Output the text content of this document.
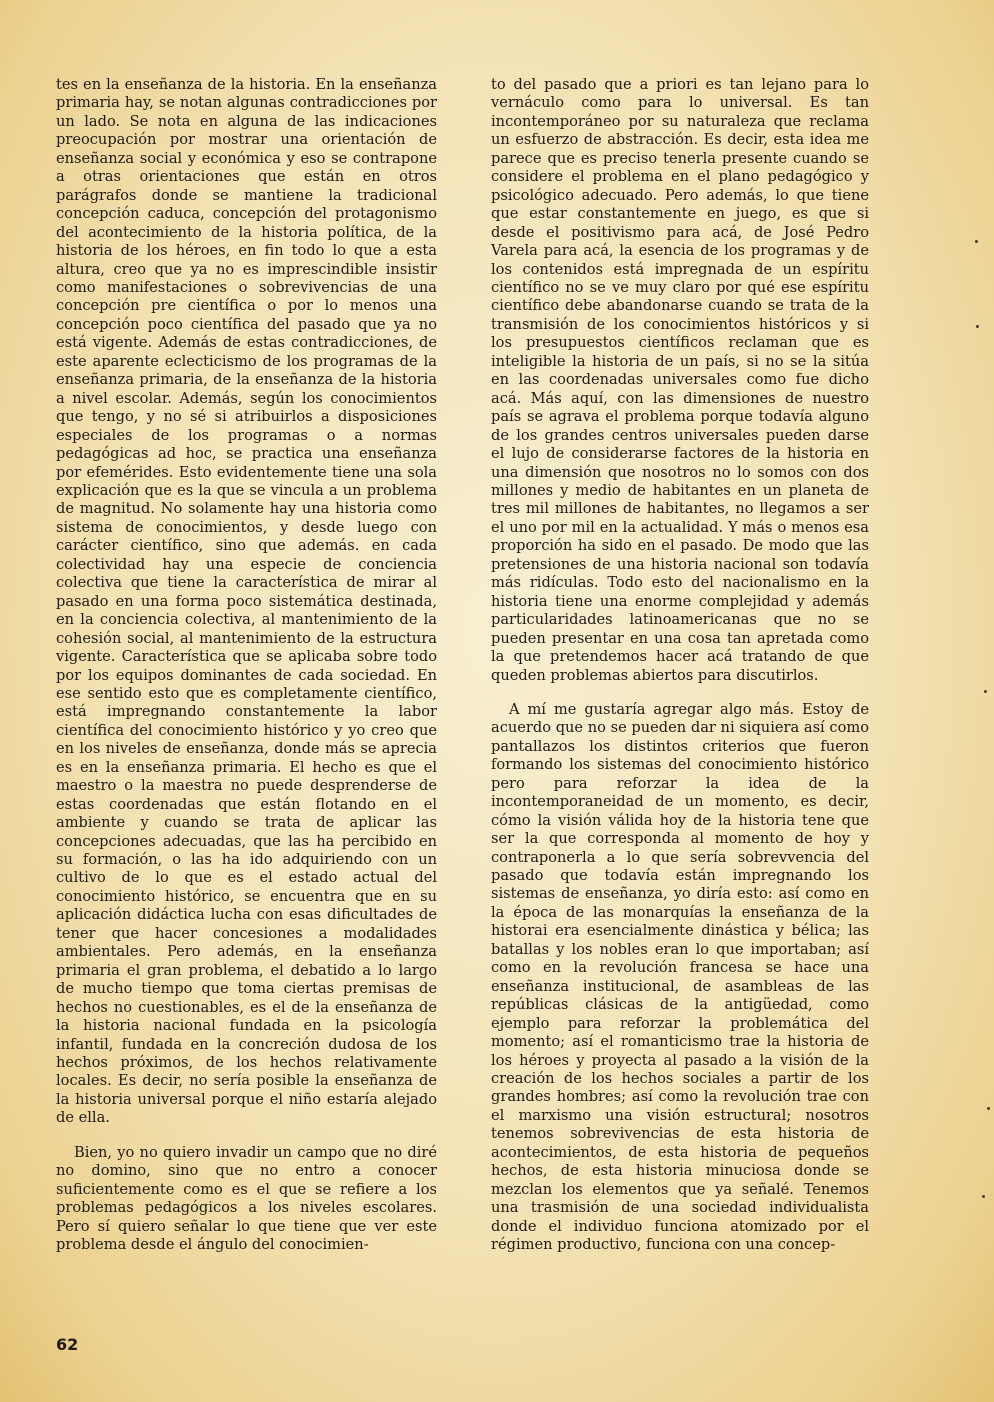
tes en la enseñanza de la historia. En la enseñanza primaria hay, se notan algunas contradicciones por un lado. Se nota en alguna de las indicaciones preocupación por mostrar una orientación de enseñanza social y económica y eso se contrapone a otras orientaciones que están en otros parágrafos donde se mantiene la tradicional concepción caduca, concepción del protagonismo del acontecimiento de la historia política, de la historia de los héroes, en fin todo lo que a esta altura, creo que ya no es imprescindible insistir como manifestaciones o sobrevivencias de una concepción pre científica o por lo menos una concepción poco científica del pasado que ya no está vigente. Además de estas contradicciones, de este aparente eclecticismo de los programas de la enseñanza primaria, de la enseñanza de la historia a nivel escolar. Además, según los conocimientos que tengo, y no sé si atribuirlos a disposiciones especiales de los programas o a normas pedagógicas ad hoc, se practica una enseñanza por efemérides. Esto evidentemente tiene una sola explicación que es la que se vincula a un problema de magnitud. No solamente hay una historia como sistema de conocimientos, y desde luego con carácter científico, sino que además. en cada colectividad hay una especie de conciencia colectiva que tiene la característica de mirar al pasado en una forma poco sistemática destinada, en la conciencia colectiva, al mantenimiento de la cohesión social, al mantenimiento de la estructura vigente. Característica que se aplicaba sobre todo por los equipos dominantes de cada sociedad. En ese sentido esto que es completamente científico, está impregnando constantemente la labor científica del conocimiento histórico y yo creo que en los niveles de enseñanza, donde más se aprecia es en la enseñanza primaria. El hecho es que el maestro o la maestra no puede desprenderse de estas coordenadas que están flotando en el ambiente y cuando se trata de aplicar las concepciones adecuadas, que las ha percibido en su formación, o las ha ido adquiriendo con un cultivo de lo que es el estado actual del conocimiento histórico, se encuentra que en su aplicación didáctica lucha con esas dificultades de tener que hacer concesiones a modalidades ambientales. Pero además, en la enseñanza primaria el gran problema, el debatido a lo largo de mucho tiempo que toma ciertas premisas de hechos no cuestionables, es el de la enseñanza de la historia nacional fundada en la psicología infantil, fundada en la concreción dudosa de los hechos próximos, de los hechos relativamente locales. Es decir, no sería posible la enseñanza de la historia universal porque el niño estaría alejado de ella.

Bien, yo no quiero invadir un campo que no diré no domino, sino que no entro a conocer suficientemente como es el que se refiere a los problemas pedagógicos a los niveles escolares. Pero sí quiero señalar lo que tiene que ver este problema desde el ángulo del conocimien-

to del pasado que a priori es tan lejano para lo vernáculo como para lo universal. Es tan incontemporáneo por su naturaleza que reclama un esfuerzo de abstracción. Es decir, esta idea me parece que es preciso tenerla presente cuando se considere el problema en el plano pedagógico y psicológico adecuado. Pero además, lo que tiene que estar constantemente en juego, es que si desde el positivismo para acá, de José Pedro Varela para acá, la esencia de los programas y de los contenidos está impregnada de un espíritu científico no se ve muy claro por qué ese espíritu científico debe abandonarse cuando se trata de la transmisión de los conocimientos históricos y si los presupuestos científicos reclaman que es inteligible la historia de un país, si no se la sitúa en las coordenadas universales como fue dicho acá. Más aquí, con las dimensiones de nuestro país se agrava el problema porque todavía alguno de los grandes centros universales pueden darse el lujo de considerarse factores de la historia en una dimensión que nosotros no lo somos con dos millones y medio de habitantes en un planeta de tres mil millones de habitantes, no llegamos a ser el uno por mil en la actualidad. Y más o menos esa proporción ha sido en el pasado. De modo que las pretensiones de una historia nacional son todavía más ridículas. Todo esto del nacionalismo en la historia tiene una enorme complejidad y además particularidades latinoamericanas que no se pueden presentar en una cosa tan apretada como la que pretendemos hacer acá tratando de que queden problemas abiertos para discutirlos.

A mí me gustaría agregar algo más. Estoy de acuerdo que no se pueden dar ni siquiera así como pantallazos los distintos criterios que fueron formando los sistemas del conocimiento histórico pero para reforzar la idea de la incontemporaneidad de un momento, es decir, cómo la visión válida hoy de la historia tene que ser la que corresponda al momento de hoy y contraponerla a lo que sería sobrevvencia del pasado que todavía están impregnando los sistemas de enseñanza, yo diría esto: así como en la época de las monarquías la enseñanza de la historai era esencialmente dinástica y bélica; las batallas y los nobles eran lo que importaban; así como en la revolución francesa se hace una enseñanza institucional, de asambleas de las repúblicas clásicas de la antigüedad, como ejemplo para reforzar la problemática del momento; así el romanticismo trae la historia de los héroes y proyecta al pasado a la visión de la creación de los hechos sociales a partir de los grandes hombres; así como la revolución trae con el marxismo una visión estructural; nosotros tenemos sobrevivencias de esta historia de acontecimientos, de esta historia de pequeños hechos, de esta historia minuciosa donde se mezclan los elementos que ya señalé. Tenemos una trasmisión de una sociedad individualista donde el individuo funciona atomizado por el régimen productivo, funciona con una concep-

62
